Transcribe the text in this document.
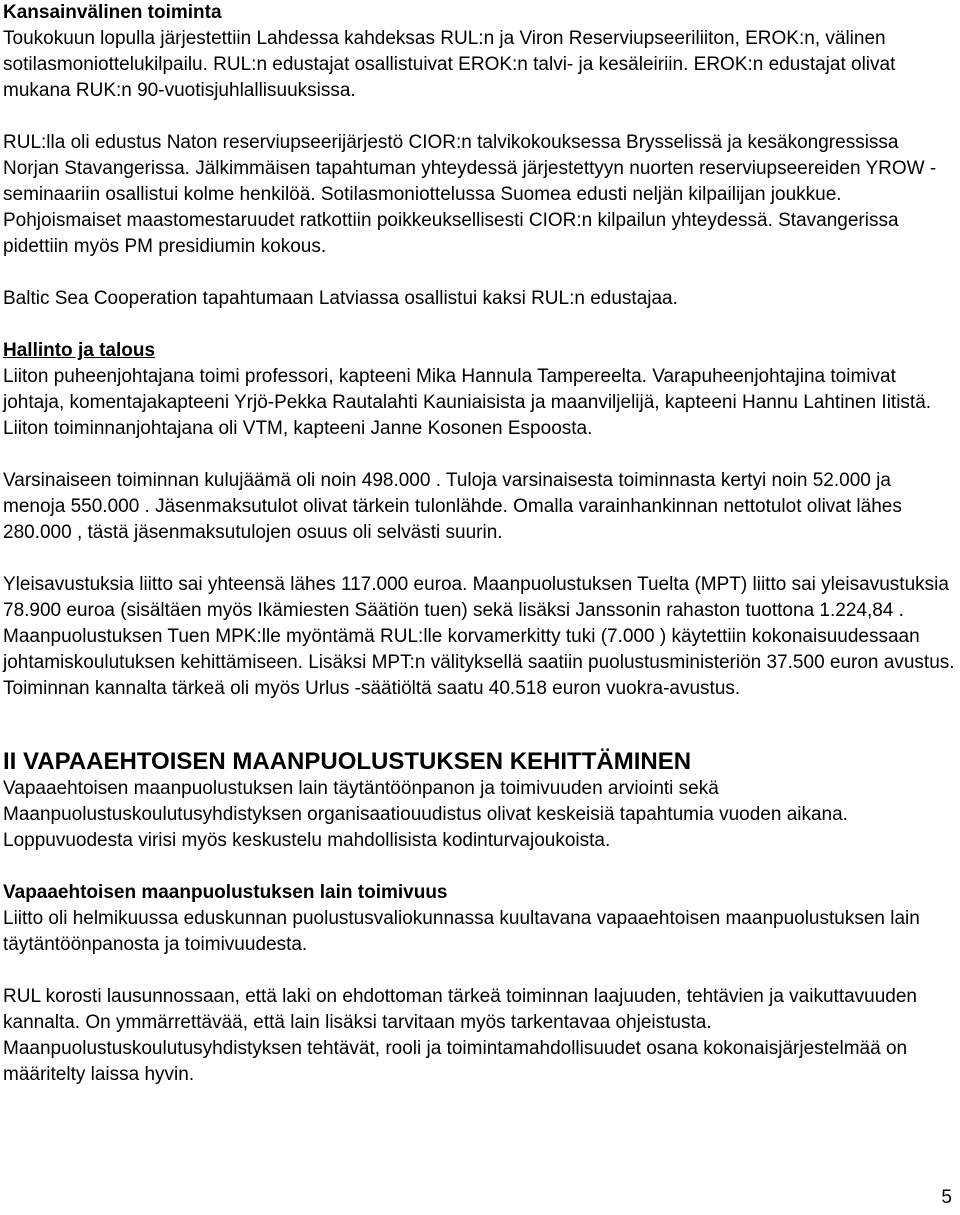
Kansainvälinen toiminta

Toukokuun lopulla järjestettiin Lahdessa kahdeksas RUL:n ja Viron Reserviupseeriliiton, EROK:n, välinen sotilasmoniottelukilpailu. RUL:n edustajat osallistuivat EROK:n talvi- ja kesäleiriin. EROK:n edustajat olivat mukana RUK:n 90-vuotisjuhlallisuuksissa.

RUL:lla oli edustus Naton reserviupseerijärjestö CIOR:n talvikokouksessa Brysselissä ja kesäkongressissa Norjan Stavangerissa. Jälkimmäisen tapahtuman yhteydessä järjestettyyn nuorten reserviupseereiden YROW -seminaariin osallistui kolme henkilöä. Sotilasmoniottelussa Suomea edusti neljän kilpailijan joukkue. Pohjoismaiset maastomestaruudet ratkottiin poikkeuksellisesti CIOR:n kilpailun yhteydessä. Stavangerissa pidettiin myös PM presidiumin kokous.

Baltic Sea Cooperation tapahtumaan Latviassa osallistui kaksi RUL:n edustajaa.

Hallinto ja talous

Liiton puheenjohtajana toimi professori, kapteeni Mika Hannula Tampereelta. Varapuheenjohtajina toimivat johtaja, komentajakapteeni Yrjö-Pekka Rautalahti Kauniaisista ja maanviljelijä, kapteeni Hannu Lahtinen Iitistä. Liiton toiminnanjohtajana oli VTM, kapteeni Janne Kosonen Espoosta.

Varsinaiseen toiminnan kulujäämä oli noin 498.000 . Tuloja varsinaisesta toiminnasta kertyi noin 52.000 ja menoja 550.000 . Jäsenmaksutulot olivat tärkein tulonlähde. Omalla varainhankinnan nettotulot olivat lähes 280.000 , tästä jäsenmaksutulojen osuus oli selvästi suurin.

Yleisavustuksia liitto sai yhteensä lähes 117.000 euroa. Maanpuolustuksen Tuelta (MPT) liitto sai yleisavustuksia 78.900 euroa (sisältäen myös Ikämiesten Säätiön tuen) sekä lisäksi Janssonin rahaston tuottona 1.224,84 . Maanpuolustuksen Tuen MPK:lle myöntämä RUL:lle korvamerkitty tuki (7.000 ) käytettiin kokonaisuudessaan johtamiskoulutuksen kehittämiseen. Lisäksi MPT:n välityksellä saatiin puolustusministeriön 37.500 euron avustus. Toiminnan kannalta tärkeä oli myös Urlus -säätiöltä saatu 40.518 euron vuokra-avustus.

II VAPAAEHTOISEN MAANPUOLUSTUKSEN KEHITTÄMINEN

Vapaaehtoisen maanpuolustuksen lain täytäntöönpanon ja toimivuuden arviointi sekä Maanpuolustuskoulutusyhdistyksen organisaatiouudistus olivat keskeisiä tapahtumia vuoden aikana. Loppuvuodesta virisi myös keskustelu mahdollisista kodinturvajoukoista.

Vapaaehtoisen maanpuolustuksen lain toimivuus

Liitto oli helmikuussa eduskunnan puolustusvaliokunnassa kuultavana vapaaehtoisen maanpuolustuksen lain täytäntöönpanosta ja toimivuudesta.

RUL korosti lausunnossaan, että laki on ehdottoman tärkeä toiminnan laajuuden, tehtävien ja vaikuttavuuden kannalta. On ymmärrettävää, että lain lisäksi tarvitaan myös tarkentavaa ohjeistusta. Maanpuolustuskoulutusyhdistyksen tehtävät, rooli ja toimintamahdollisuudet osana kokonaisjärjestelmää on määritelty laissa hyvin.

5
